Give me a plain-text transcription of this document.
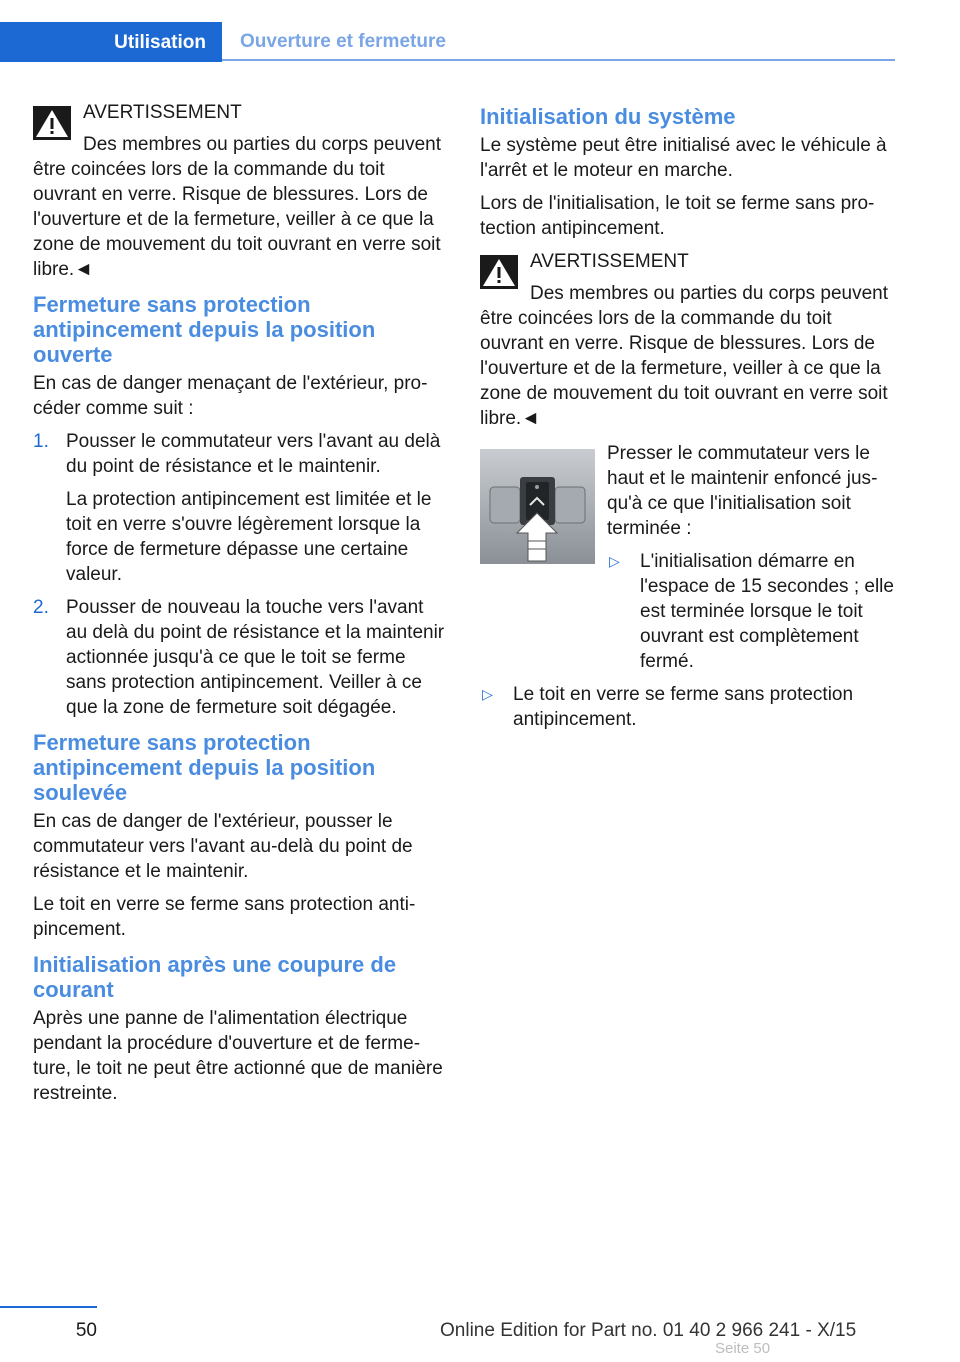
Utilisation Ouverture et fermeture
AVERTISSEMENT
Des membres ou parties du corps peuvent être coincées lors de la commande du toit ouvrant en verre. Risque de blessures. Lors de l'ouverture et de la fermeture, veiller à ce que la zone de mouvement du toit ouvrant en verre soit libre.◄
Fermeture sans protection antipincement depuis la position ouverte

En cas de danger menaçant de l'extérieur, procéder comme suit :

1. Pousser le commutateur vers l'avant au delà du point de résistance et le maintenir.
La protection antipincement est limitée et le toit en verre s'ouvre légèrement lorsque la force de fermeture dépasse une certaine valeur.
2. Pousser de nouveau la touche vers l'avant au delà du point de résistance et la maintenir actionnée jusqu'à ce que le toit se ferme sans protection antipincement. Veiller à ce que la zone de fermeture soit dégagée.
Fermeture sans protection antipincement depuis la position soulevée

En cas de danger de l'extérieur, pousser le commutateur vers l'avant au-delà du point de résistance et le maintenir.

Le toit en verre se ferme sans protection antipincement.

Initialisation après une coupure de courant

Après une panne de l'alimentation électrique pendant la procédure d'ouverture et de fermeture, le toit ne peut être actionné que de manière restreinte.

Initialisation du système

Le système peut être initialisé avec le véhicule à l'arrêt et le moteur en marche.

Lors de l'initialisation, le toit se ferme sans protection antipincement.

AVERTISSEMENT
Des membres ou parties du corps peuvent être coincées lors de la commande du toit ouvrant en verre. Risque de blessures. Lors de l'ouverture et de la fermeture, veiller à ce que la zone de mouvement du toit ouvrant en verre soit libre.◄

Presser le commutateur vers le haut et le maintenir enfoncé jusqu'à ce que l'initialisation soit terminée :

▷ L'initialisation démarre en l'espace de 15 secondes ; elle est terminée lorsque le toit ouvrant est complètement fermé.
▷ Le toit en verre se ferme sans protection antipincement.
50	Online Edition for Part no. 01 40 2 966 241 - X/15
Seite 50
